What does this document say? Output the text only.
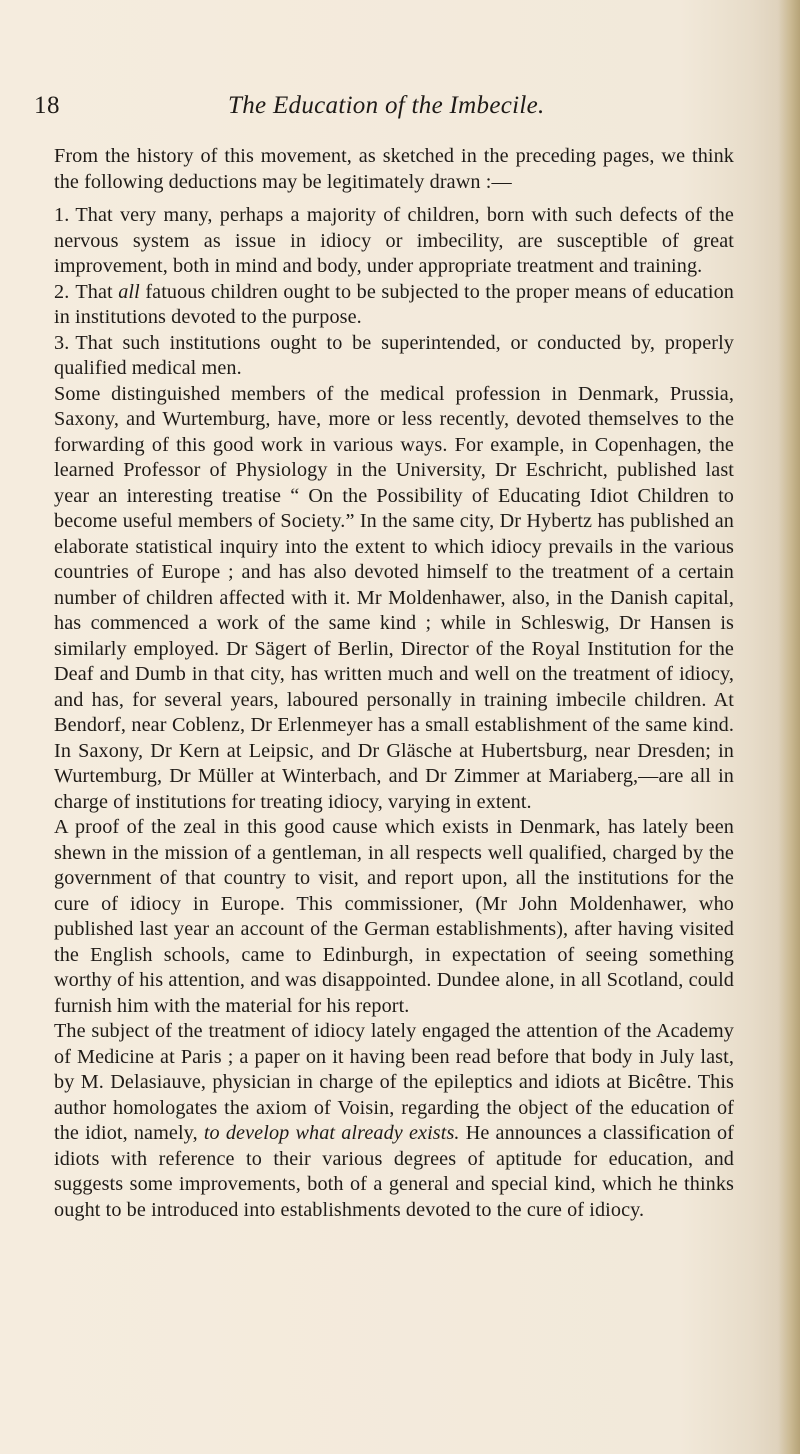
18	The Education of the Imbecile.

From the history of this movement, as sketched in the preceding pages, we think the following deductions may be legitimately drawn :—

1. That very many, perhaps a majority of children, born with such defects of the nervous system as issue in idiocy or imbecility, are susceptible of great improvement, both in mind and body, under appropriate treatment and training.

2. That all fatuous children ought to be subjected to the proper means of education in institutions devoted to the purpose.

3. That such institutions ought to be superintended, or conducted by, properly qualified medical men.

Some distinguished members of the medical profession in Denmark, Prussia, Saxony, and Wurtemburg, have, more or less recently, devoted themselves to the forwarding of this good work in various ways. For example, in Copenhagen, the learned Professor of Physiology in the University, Dr Eschricht, published last year an interesting treatise “ On the Possibility of Educating Idiot Children to become useful members of Society.” In the same city, Dr Hybertz has published an elaborate statistical inquiry into the extent to which idiocy prevails in the various countries of Europe ; and has also devoted himself to the treatment of a certain number of children affected with it. Mr Moldenhawer, also, in the Danish capital, has commenced a work of the same kind ; while in Schleswig, Dr Hansen is similarly employed. Dr Sägert of Berlin, Director of the Royal Institution for the Deaf and Dumb in that city, has written much and well on the treatment of idiocy, and has, for several years, laboured personally in training imbecile children. At Bendorf, near Coblenz, Dr Erlenmeyer has a small establishment of the same kind. In Saxony, Dr Kern at Leipsic, and Dr Gläsche at Hubertsburg, near Dresden; in Wurtemburg, Dr Müller at Winterbach, and Dr Zimmer at Mariaberg,—are all in charge of institutions for treating idiocy, varying in extent.

A proof of the zeal in this good cause which exists in Denmark, has lately been shewn in the mission of a gentleman, in all respects well qualified, charged by the government of that country to visit, and report upon, all the institutions for the cure of idiocy in Europe. This commissioner, (Mr John Moldenhawer, who published last year an account of the German establishments), after having visited the English schools, came to Edinburgh, in expectation of seeing something worthy of his attention, and was disappointed. Dundee alone, in all Scotland, could furnish him with the material for his report.

The subject of the treatment of idiocy lately engaged the attention of the Academy of Medicine at Paris ; a paper on it having been read before that body in July last, by M. Delasiauve, physician in charge of the epileptics and idiots at Bicêtre. This author homologates the axiom of Voisin, regarding the object of the education of the idiot, namely, to develop what already exists. He announces a classification of idiots with reference to their various degrees of aptitude for education, and suggests some improvements, both of a general and special kind, which he thinks ought to be introduced into establishments devoted to the cure of idiocy.
